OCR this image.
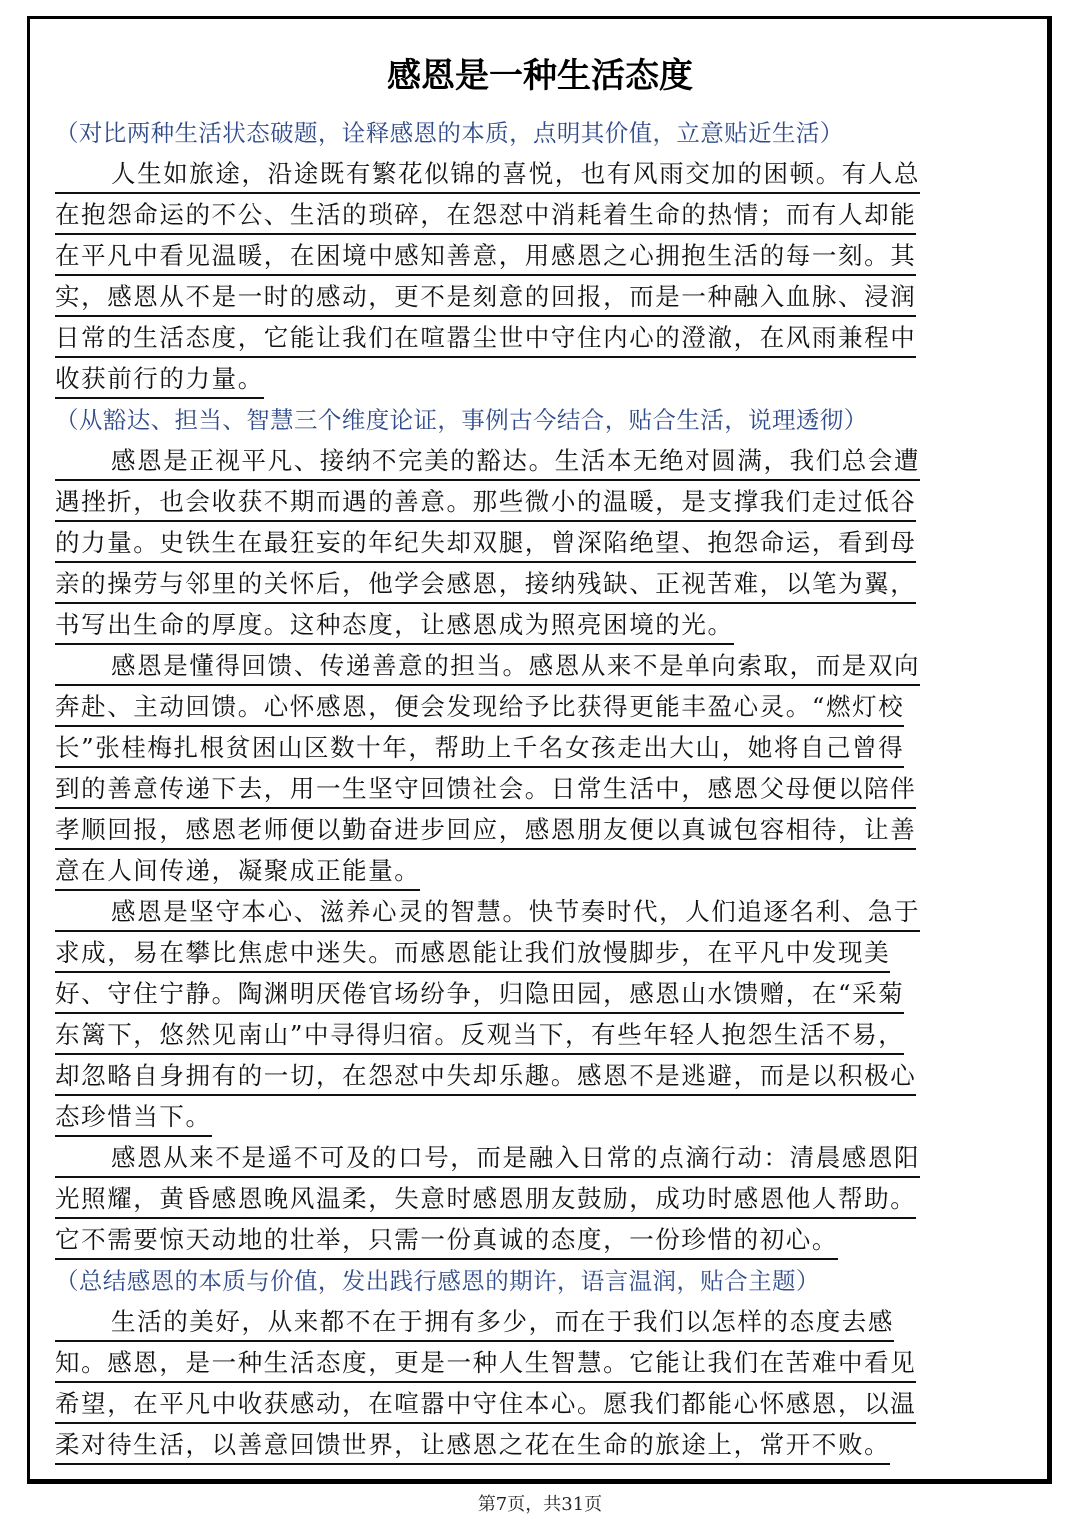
感恩是一种生活态度
（对比两种生活状态破题，诠释感恩的本质，点明其价值，立意贴近生活）
人生如旅途，沿途既有繁花似锦的喜悦，也有风雨交加的困顿。有人总
在抱怨命运的不公、生活的琐碎，在怨怼中消耗着生命的热情；而有人却能
在平凡中看见温暖，在困境中感知善意，用感恩之心拥抱生活的每一刻。其
实，感恩从不是一时的感动，更不是刻意的回报，而是一种融入血脉、浸润
日常的生活态度，它能让我们在喧嚣尘世中守住内心的澄澈，在风雨兼程中
收获前行的力量。
（从豁达、担当、智慧三个维度论证，事例古今结合，贴合生活，说理透彻）
感恩是正视平凡、接纳不完美的豁达。生活本无绝对圆满，我们总会遭
遇挫折，也会收获不期而遇的善意。那些微小的温暖，是支撑我们走过低谷
的力量。史铁生在最狂妄的年纪失却双腿，曾深陷绝望、抱怨命运，看到母
亲的操劳与邻里的关怀后，他学会感恩，接纳残缺、正视苦难，以笔为翼，
书写出生命的厚度。这种态度，让感恩成为照亮困境的光。
感恩是懂得回馈、传递善意的担当。感恩从来不是单向索取，而是双向
奔赴、主动回馈。心怀感恩，便会发现给予比获得更能丰盈心灵。“燃灯校
长”张桂梅扎根贫困山区数十年，帮助上千名女孩走出大山，她将自己曾得
到的善意传递下去，用一生坚守回馈社会。日常生活中，感恩父母便以陪伴
孝顺回报，感恩老师便以勤奋进步回应，感恩朋友便以真诚包容相待，让善
意在人间传递，凝聚成正能量。
感恩是坚守本心、滋养心灵的智慧。快节奏时代，人们追逐名利、急于
求成，易在攀比焦虑中迷失。而感恩能让我们放慢脚步，在平凡中发现美
好、守住宁静。陶渊明厌倦官场纷争，归隐田园，感恩山水馈赠，在“采菊
东篱下，悠然见南山”中寻得归宿。反观当下，有些年轻人抱怨生活不易，
却忽略自身拥有的一切，在怨怼中失却乐趣。感恩不是逃避，而是以积极心
态珍惜当下。
感恩从来不是遥不可及的口号，而是融入日常的点滴行动：清晨感恩阳
光照耀，黄昏感恩晚风温柔，失意时感恩朋友鼓励，成功时感恩他人帮助。
它不需要惊天动地的壮举，只需一份真诚的态度，一份珍惜的初心。
（总结感恩的本质与价值，发出践行感恩的期许，语言温润，贴合主题）
生活的美好，从来都不在于拥有多少，而在于我们以怎样的态度去感
知。感恩，是一种生活态度，更是一种人生智慧。它能让我们在苦难中看见
希望，在平凡中收获感动，在喧嚣中守住本心。愿我们都能心怀感恩，以温
柔对待生活，以善意回馈世界，让感恩之花在生命的旅途上，常开不败。
第7页，共31页
